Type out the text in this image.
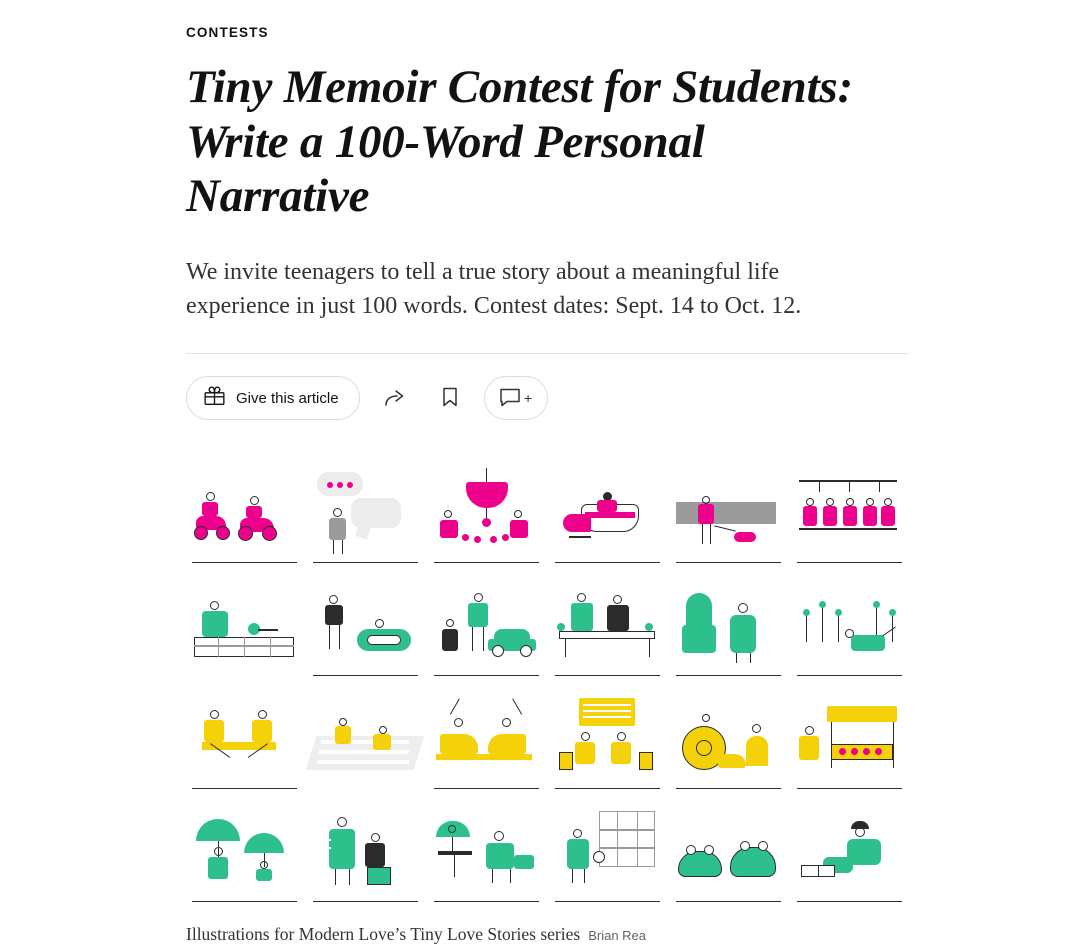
CONTESTS
Tiny Memoir Contest for Students: Write a 100-Word Personal Narrative

We invite teenagers to tell a true story about a meaningful life experience in just 100 words. Contest dates: Sept. 14 to Oct. 12.

Give this article	+
Illustrations for Modern Love’s Tiny Love Stories series Brian Rea
